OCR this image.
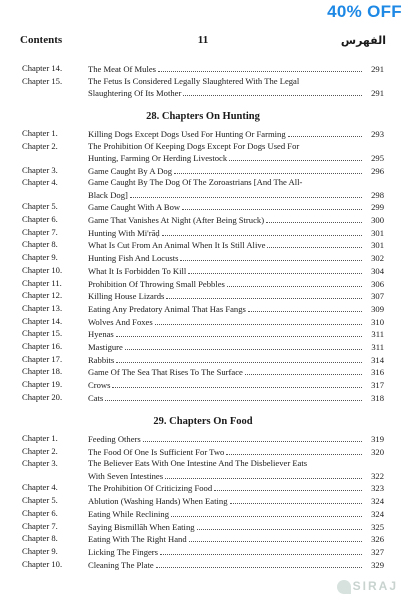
40% OFF
Contents	11	الفهرس
Chapter 14.	The Meat Of Mules	291
Chapter 15.	The Fetus Is Considered Legally Slaughtered With The Legal
Slaughtering Of Its Mother	291
28. Chapters On Hunting
Chapter 1.	Killing Dogs Except Dogs Used For Hunting Or Farming	293
Chapter 2.	The Prohibition Of Keeping Dogs Except For Dogs Used For
Hunting, Farming Or Herding Livestock	295
Chapter 3.	Game Caught By A Dog	296
Chapter 4.	Game Caught By The Dog Of The Zoroastrians [And The All-
Black Dog]	298
Chapter 5.	Game Caught With A Bow	299
Chapter 6.	Game That Vanishes At Night (After Being Struck)	300
Chapter 7.	Hunting With Mi'rāḍ	301
Chapter 8.	What Is Cut From An Animal When It Is Still Alive	301
Chapter 9.	Hunting Fish And Locusts	302
Chapter 10.	What It Is Forbidden To Kill	304
Chapter 11.	Prohibition Of Throwing Small Pebbles	306
Chapter 12.	Killing House Lizards	307
Chapter 13.	Eating Any Predatory Animal That Has Fangs	309
Chapter 14.	Wolves And Foxes	310
Chapter 15.	Hyenas	311
Chapter 16.	Mastigure	311
Chapter 17.	Rabbits	314
Chapter 18.	Game Of The Sea That Rises To The Surface	316
Chapter 19.	Crows	317
Chapter 20.	Cats	318
29. Chapters On Food
Chapter 1.	Feeding Others	319
Chapter 2.	The Food Of One Is Sufficient For Two	320
Chapter 3.	The Believer Eats With One Intestine And The Disbeliever Eats
With Seven Intestines	322
Chapter 4.	The Prohibition Of Criticizing Food	323
Chapter 5.	Ablution (Washing Hands) When Eating	324
Chapter 6.	Eating While Reclining	324
Chapter 7.	Saying Bismillāh When Eating	325
Chapter 8.	Eating With The Right Hand	326
Chapter 9.	Licking The Fingers	327
Chapter 10.	Cleaning The Plate	329
SIRAJ
